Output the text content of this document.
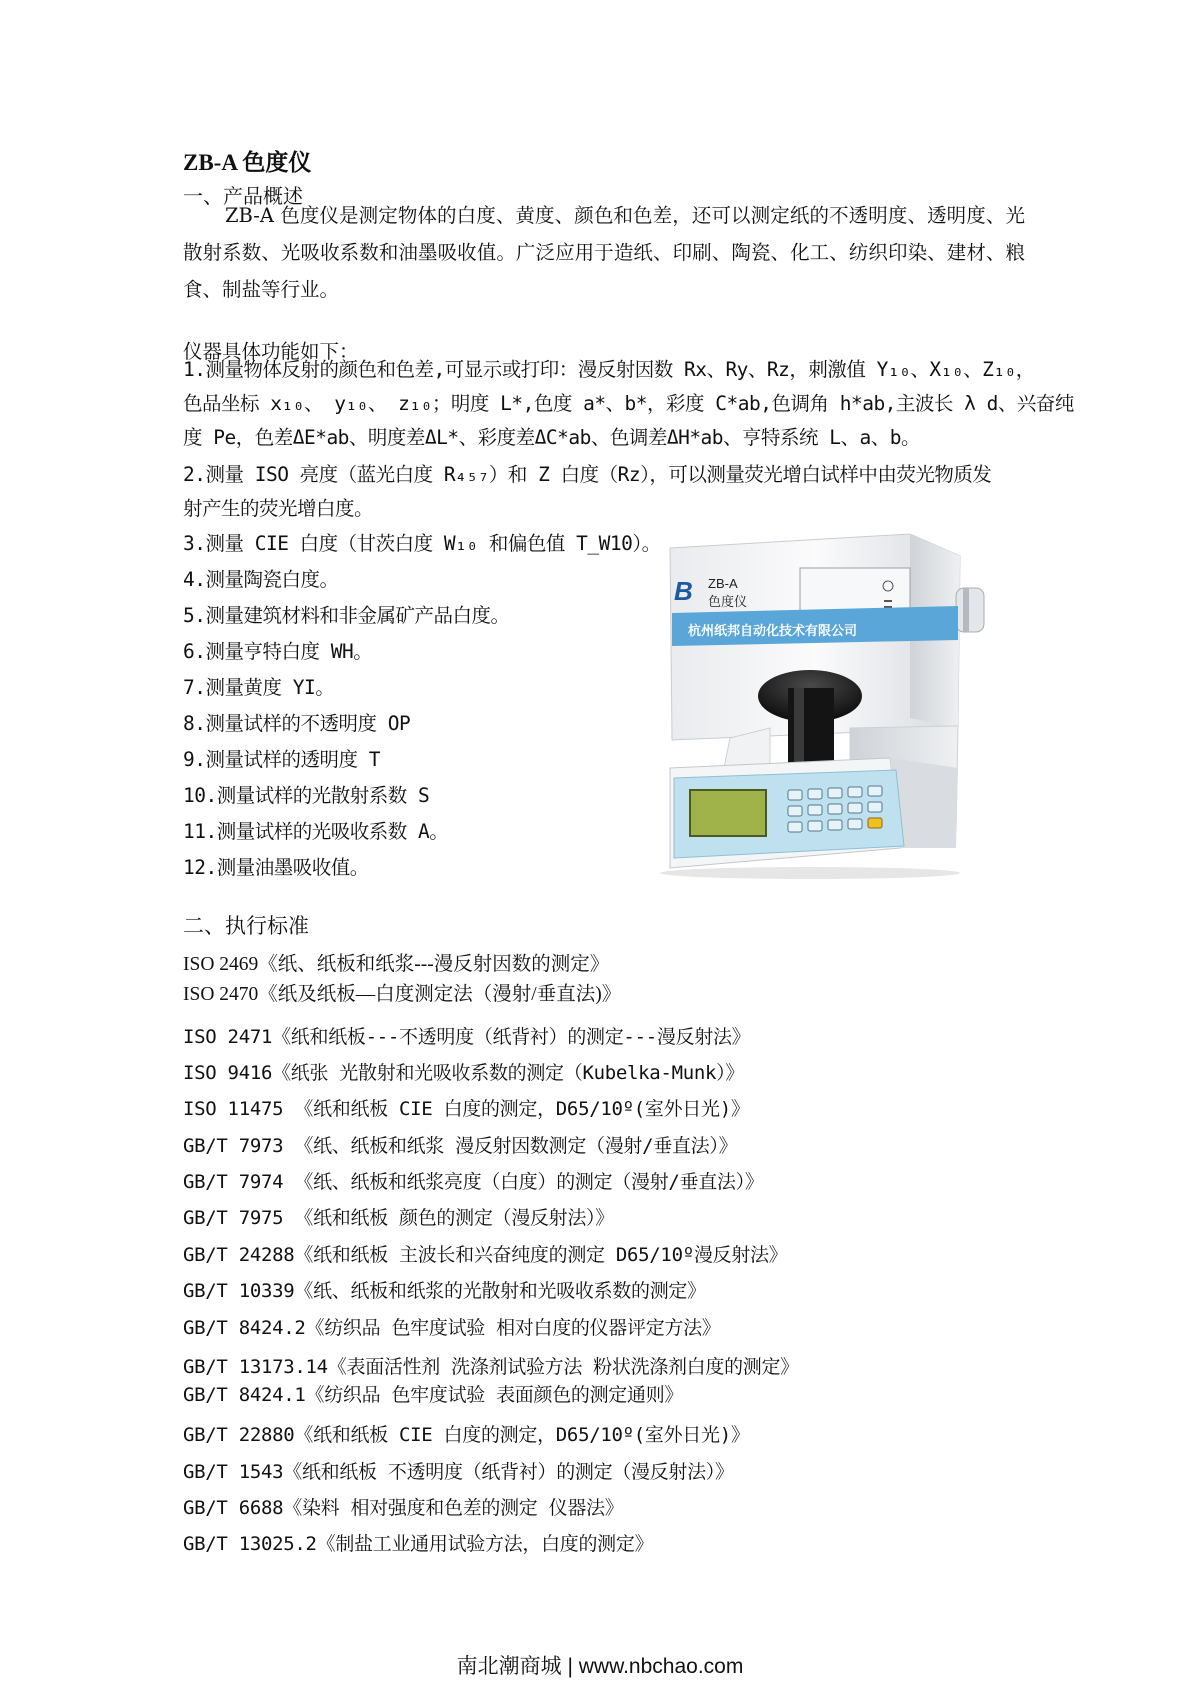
ZB-A 色度仪
一、产品概述

ZB-A 色度仪是测定物体的白度、黄度、颜色和色差，还可以测定纸的不透明度、透明度、光散射系数、光吸收系数和油墨吸收值。广泛应用于造纸、印刷、陶瓷、化工、纺织印染、建材、粮食、制盐等行业。

仪器具体功能如下：
1.测量物体反射的颜色和色差,可显示或打印：漫反射因数 Rx、Ry、Rz，刺激值 Y₁₀、X₁₀、Z₁₀，
色品坐标 x₁₀、 y₁₀、 z₁₀；明度 L*,色度 a*、b*，彩度 C*ab,色调角 h*ab,主波长 λ d、兴奋纯
度 Pe，色差ΔE*ab、明度差ΔL*、彩度差ΔC*ab、色调差ΔH*ab、亨特系统 L、a、b。
2.测量 ISO 亮度（蓝光白度 R₄₅₇）和 Z 白度（Rz），可以测量荧光增白试样中由荧光物质发
射产生的荧光增白度。
3.测量 CIE 白度（甘茨白度 W₁₀ 和偏色值 T_W10）。
4.测量陶瓷白度。
5.测量建筑材料和非金属矿产品白度。
6.测量亨特白度 WH。
7.测量黄度 YI。
8.测量试样的不透明度 OP
9.测量试样的透明度 T
10.测量试样的光散射系数 S
11.测量试样的光吸收系数 A。
12.测量油墨吸收值。
二、执行标准
ISO 2469《纸、纸板和纸浆---漫反射因数的测定》
ISO 2470《纸及纸板—白度测定法（漫射/垂直法)》
ISO 2471《纸和纸板---不透明度（纸背衬）的测定---漫反射法》
ISO 9416《纸张 光散射和光吸收系数的测定（Kubelka-Munk）》
ISO 11475 《纸和纸板 CIE 白度的测定，D65/10º(室外日光)》
GB/T 7973 《纸、纸板和纸浆 漫反射因数测定（漫射/垂直法）》
GB/T 7974 《纸、纸板和纸浆亮度（白度）的测定（漫射/垂直法）》
GB/T 7975 《纸和纸板 颜色的测定（漫反射法）》
GB/T 24288《纸和纸板 主波长和兴奋纯度的测定 D65/10º漫反射法》
GB/T 10339《纸、纸板和纸浆的光散射和光吸收系数的测定》
GB/T 8424.2《纺织品 色牢度试验 相对白度的仪器评定方法》
GB/T 13173.14《表面活性剂 洗涤剂试验方法 粉状洗涤剂白度的测定》
GB/T 8424.1《纺织品 色牢度试验 表面颜色的测定通则》
GB/T 22880《纸和纸板 CIE 白度的测定，D65/10º(室外日光)》
GB/T 1543《纸和纸板 不透明度（纸背衬）的测定（漫反射法）》
GB/T 6688《染料 相对强度和色差的测定 仪器法》
GB/T 13025.2《制盐工业通用试验方法，白度的测定》
B ZB-A
色度仪
杭州纸邦自动化技术有限公司
南北潮商城 | www.nbchao.com
